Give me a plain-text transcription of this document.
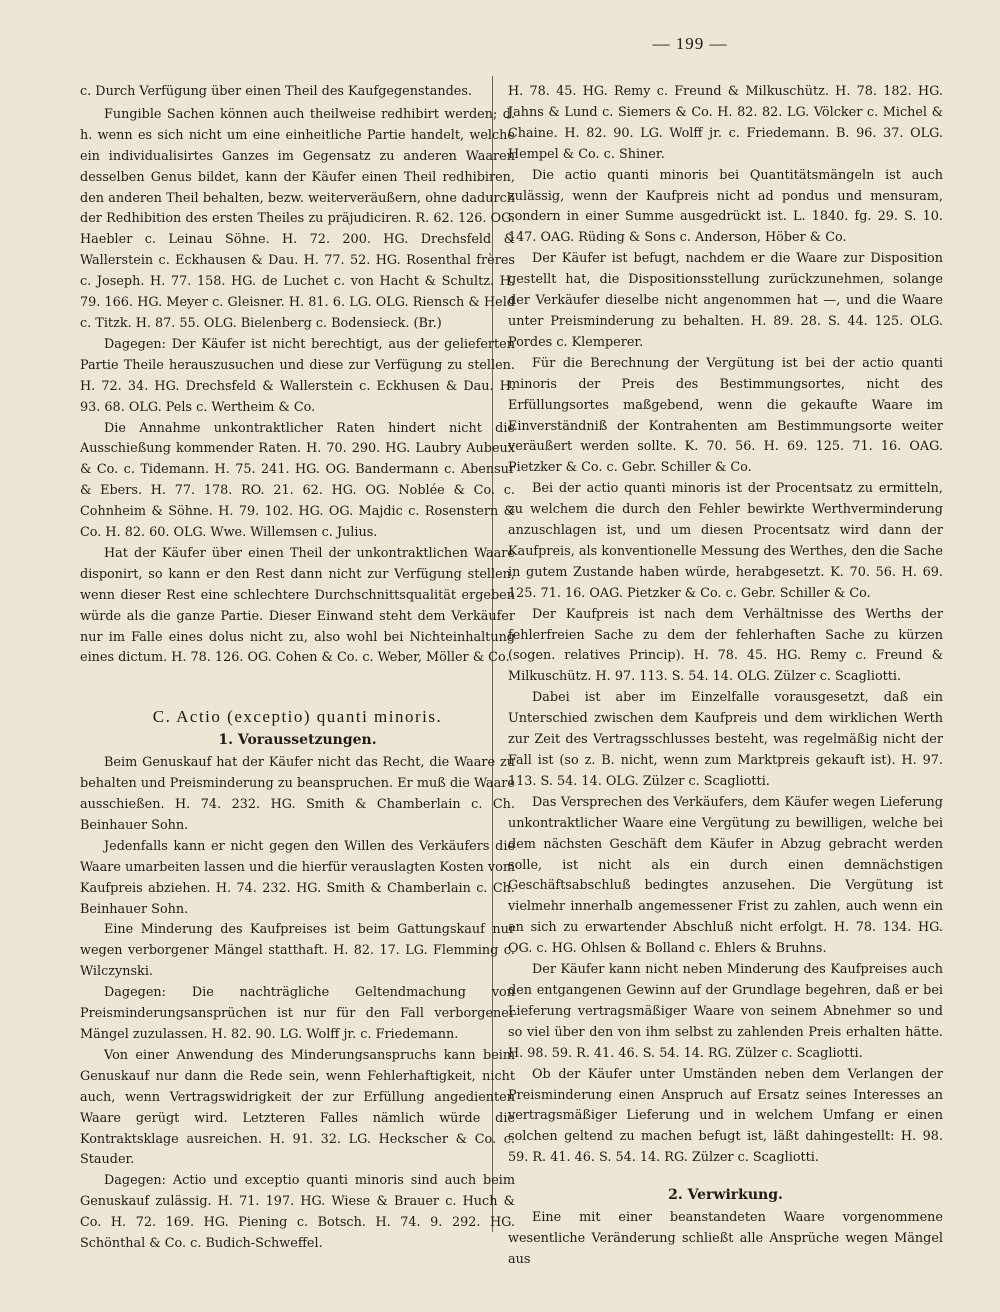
— 199 —

c. Durch Verfügung über einen Theil des Kaufgegenstandes.

Fungible Sachen können auch theilweise redhibirt werden; d. h. wenn es sich nicht um eine einheitliche Partie handelt, welche ein individualisirtes Ganzes im Gegensatz zu anderen Waaren desselben Genus bildet, kann der Käufer einen Theil redhibiren, den anderen Theil behalten, bezw. weiterveräußern, ohne dadurch der Redhibition des ersten Theiles zu präjudiciren. R. 62. 126. OG. Haebler c. Leinau Söhne. H. 72. 200. HG. Drechsfeld & Wallerstein c. Eckhausen & Dau. H. 77. 52. HG. Rosenthal frères c. Joseph. H. 77. 158. HG. de Luchet c. von Hacht & Schultz. H. 79. 166. HG. Meyer c. Gleisner. H. 81. 6. LG. OLG. Riensch & Held c. Titzk. H. 87. 55. OLG. Bielenberg c. Bodensieck. (Br.)

Dagegen: Der Käufer ist nicht berechtigt, aus der gelieferten Partie Theile herauszusuchen und diese zur Verfügung zu stellen. H. 72. 34. HG. Drechsfeld & Wallerstein c. Eckhusen & Dau. H. 93. 68. OLG. Pels c. Wertheim & Co.

Die Annahme unkontraktlicher Raten hindert nicht die Ausschießung kommender Raten. H. 70. 290. HG. Laubry Aubeux & Co. c. Tidemann. H. 75. 241. HG. OG. Bandermann c. Abensur & Ebers. H. 77. 178. RO. 21. 62. HG. OG. Noblée & Co. c. Cohnheim & Söhne. H. 79. 102. HG. OG. Majdic c. Rosenstern & Co. H. 82. 60. OLG. Wwe. Willemsen c. Julius.

Hat der Käufer über einen Theil der unkontraktlichen Waare disponirt, so kann er den Rest dann nicht zur Verfügung stellen, wenn dieser Rest eine schlechtere Durchschnittsqualität ergeben würde als die ganze Partie. Dieser Einwand steht dem Verkäufer nur im Falle eines dolus nicht zu, also wohl bei Nichteinhaltung eines dictum. H. 78. 126. OG. Cohen & Co. c. Weber, Möller & Co.

C. Actio (exceptio) quanti minoris.
1. Voraussetzungen.

Beim Genuskauf hat der Käufer nicht das Recht, die Waare zu behalten und Preisminderung zu beanspruchen. Er muß die Waare ausschießen. H. 74. 232. HG. Smith & Chamberlain c. Ch. Beinhauer Sohn.

Jedenfalls kann er nicht gegen den Willen des Verkäufers die Waare umarbeiten lassen und die hierfür verauslagten Kosten vom Kaufpreis abziehen. H. 74. 232. HG. Smith & Chamberlain c. Ch. Beinhauer Sohn.

Eine Minderung des Kaufpreises ist beim Gattungskauf nur wegen verborgener Mängel statthaft. H. 82. 17. LG. Flemming c. Wilczynski.

Dagegen: Die nachträgliche Geltendmachung von Preisminderungsansprüchen ist nur für den Fall verborgener Mängel zuzulassen. H. 82. 90. LG. Wolff jr. c. Friedemann.

Von einer Anwendung des Minderungsanspruchs kann beim Genuskauf nur dann die Rede sein, wenn Fehlerhaftigkeit, nicht auch, wenn Vertragswidrigkeit der zur Erfüllung angedienten Waare gerügt wird. Letzteren Falles nämlich würde die Kontraktsklage ausreichen. H. 91. 32. LG. Heckscher & Co. c. Stauder.

Dagegen: Actio und exceptio quanti minoris sind auch beim Genuskauf zulässig. H. 71. 197. HG. Wiese & Brauer c. Huch & Co. H. 72. 169. HG. Piening c. Botsch. H. 74. 9. 292. HG. Schönthal & Co. c. Budich-Schweffel.

H. 78. 45. HG. Remy c. Freund & Milkuschütz. H. 78. 182. HG. Jahns & Lund c. Siemers & Co. H. 82. 82. LG. Völcker c. Michel & Chaine. H. 82. 90. LG. Wolff jr. c. Friedemann. B. 96. 37. OLG. Hempel & Co. c. Shiner.

Die actio quanti minoris bei Quantitätsmängeln ist auch zulässig, wenn der Kaufpreis nicht ad pondus und mensuram, sondern in einer Summe ausgedrückt ist. L. 1840. fg. 29. S. 10. 147. OAG. Rüding & Sons c. Anderson, Höber & Co.

Der Käufer ist befugt, nachdem er die Waare zur Disposition gestellt hat, die Dispositionsstellung zurückzunehmen, solange der Verkäufer dieselbe nicht angenommen hat —, und die Waare unter Preisminderung zu behalten. H. 89. 28. S. 44. 125. OLG. Pordes c. Klemperer.

Für die Berechnung der Vergütung ist bei der actio quanti minoris der Preis des Bestimmungsortes, nicht des Erfüllungsortes maßgebend, wenn die gekaufte Waare im Einverständniß der Kontrahenten am Bestimmungsorte weiter veräußert werden sollte. K. 70. 56. H. 69. 125. 71. 16. OAG. Pietzker & Co. c. Gebr. Schiller & Co.

Bei der actio quanti minoris ist der Procentsatz zu ermitteln, zu welchem die durch den Fehler bewirkte Werthverminderung anzuschlagen ist, und um diesen Procentsatz wird dann der Kaufpreis, als konventionelle Messung des Werthes, den die Sache in gutem Zustande haben würde, herabgesetzt. K. 70. 56. H. 69. 125. 71. 16. OAG. Pietzker & Co. c. Gebr. Schiller & Co.

Der Kaufpreis ist nach dem Verhältnisse des Werths der fehlerfreien Sache zu dem der fehlerhaften Sache zu kürzen (sogen. relatives Princip). H. 78. 45. HG. Remy c. Freund & Milkuschütz. H. 97. 113. S. 54. 14. OLG. Zülzer c. Scagliotti.

Dabei ist aber im Einzelfalle vorausgesetzt, daß ein Unterschied zwischen dem Kaufpreis und dem wirklichen Werth zur Zeit des Vertragsschlusses besteht, was regelmäßig nicht der Fall ist (so z. B. nicht, wenn zum Marktpreis gekauft ist). H. 97. 113. S. 54. 14. OLG. Zülzer c. Scagliotti.

Das Versprechen des Verkäufers, dem Käufer wegen Lieferung unkontraktlicher Waare eine Vergütung zu bewilligen, welche bei dem nächsten Geschäft dem Käufer in Abzug gebracht werden solle, ist nicht als ein durch einen demnächstigen Geschäftsabschluß bedingtes anzusehen. Die Vergütung ist vielmehr innerhalb angemessener Frist zu zahlen, auch wenn ein an sich zu erwartender Abschluß nicht erfolgt. H. 78. 134. HG. OG. c. HG. Ohlsen & Bolland c. Ehlers & Bruhns.

Der Käufer kann nicht neben Minderung des Kaufpreises auch den entgangenen Gewinn auf der Grundlage begehren, daß er bei Lieferung vertragsmäßiger Waare von seinem Abnehmer so und so viel über den von ihm selbst zu zahlenden Preis erhalten hätte. H. 98. 59. R. 41. 46. S. 54. 14. RG. Zülzer c. Scagliotti.

Ob der Käufer unter Umständen neben dem Verlangen der Preisminderung einen Anspruch auf Ersatz seines Interesses an vertragsmäßiger Lieferung und in welchem Umfang er einen solchen geltend zu machen befugt ist, läßt dahingestellt: H. 98. 59. R. 41. 46. S. 54. 14. RG. Zülzer c. Scagliotti.

2. Verwirkung.

Eine mit einer beanstandeten Waare vorgenommene wesentliche Veränderung schließt alle Ansprüche wegen Mängel aus
